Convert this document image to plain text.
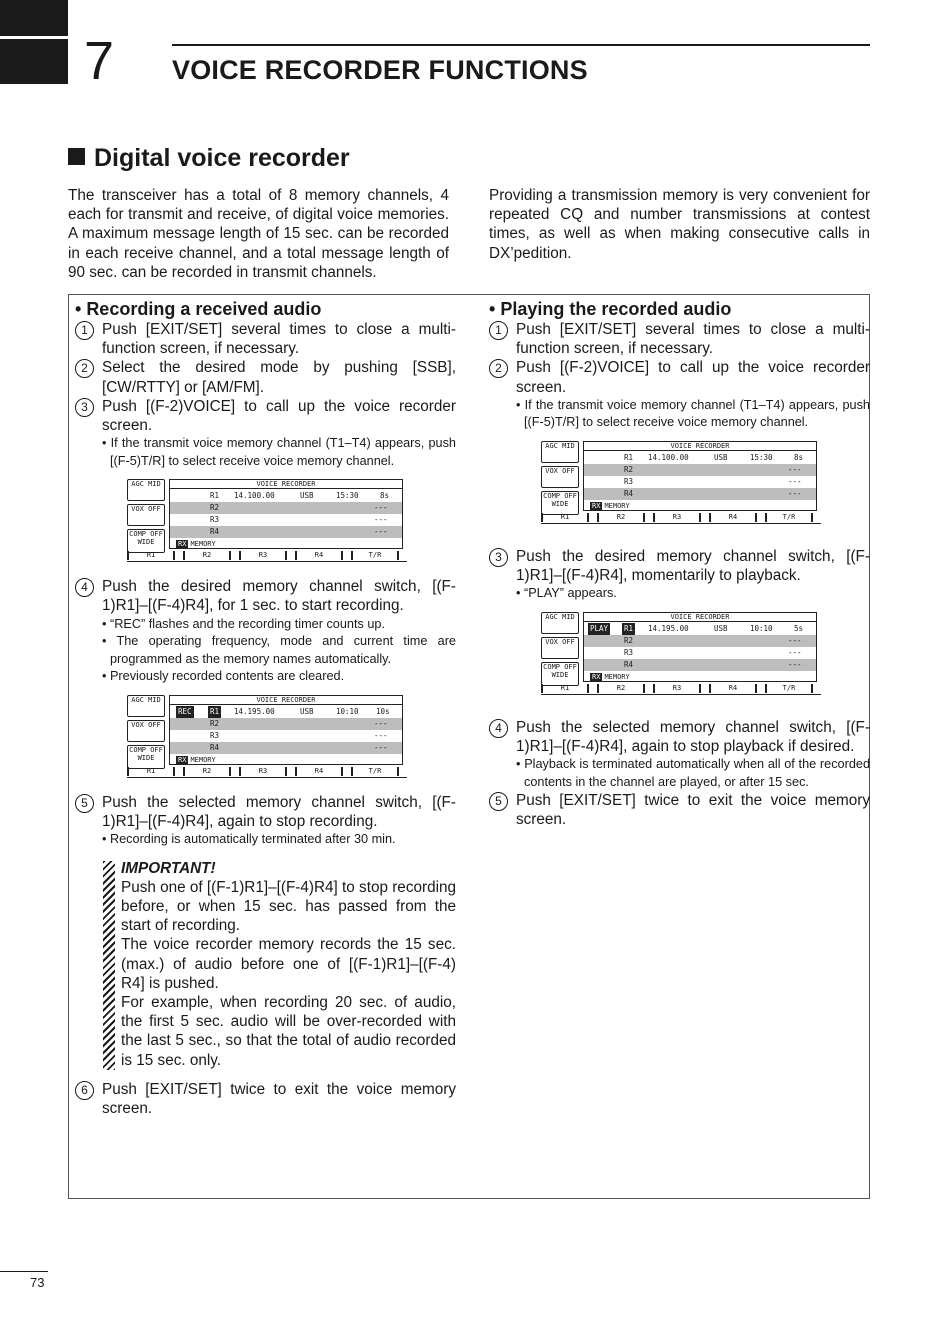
7 VOICE RECORDER FUNCTIONS
Digital voice recorder
The transceiver has a total of 8 memory channels, 4 each for transmit and receive, of digital voice memories. A maximum message length of 15 sec. can be recorded in each receive channel, and a total message length of 90 sec. can be recorded in transmit channels.
Providing a transmission memory is very convenient for repeated CQ and number transmissions at contest times, as well as when making consecutive calls in DX’pedition.
• Recording a received audio
1 Push [EXIT/SET] several times to close a multi-function screen, if necessary.
2 Select the desired mode by pushing [SSB], [CW/RTTY] or [AM/FM].
3 Push [(F-2)VOICE] to call up the voice recorder screen.
• If the transmit voice memory channel (T1–T4) appears, push [(F-5)T/R] to select receive voice memory channel.
AGC MID
VOX OFF
COMP OFF WIDE
VOICE RECORDER
R1 14.100.00	USB	15:30	8s
R2	---
R3	---
R4	---
RX MEMORY
R1	R2	R3	R4	T/R
4 Push the desired memory channel switch, [(F-1)R1]–[(F-4)R4], for 1 sec. to start recording.
• “REC” flashes and the recording timer counts up.
• The operating frequency, mode and current time are programmed as the memory names automatically.
• Previously recorded contents are cleared.
AGC MID
VOX OFF
COMP OFF WIDE
VOICE RECORDER
REC R1 14.195.00	USB	10:10 10s
R2	---
R3	---
R4	---
RX MEMORY
R1	R2	R3	R4	T/R
5 Push the selected memory channel switch, [(F-1)R1]–[(F-4)R4], again to stop recording.
• Recording is automatically terminated after 30 min.
IMPORTANT!
Push one of [(F-1)R1]–[(F-4)R4] to stop recording before, or when 15 sec. has passed from the start of recording.
The voice recorder memory records the 15 sec. (max.) of audio before one of [(F-1)R1]–[(F-4) R4] is pushed.
For example, when recording 20 sec. of audio, the first 5 sec. audio will be over-recorded with the last 5 sec., so that the total of audio recorded is 15 sec. only.
6 Push [EXIT/SET] twice to exit the voice memory screen.
• Playing the recorded audio
1 Push [EXIT/SET] several times to close a multi-function screen, if necessary.
2 Push [(F-2)VOICE] to call up the voice recorder screen.
• If the transmit voice memory channel (T1–T4) appears, push [(F-5)T/R] to select receive voice memory channel.
AGC MID
VOX OFF
COMP OFF WIDE
VOICE RECORDER
R1 14.100.00	USB	15:30	8s
R2	---
R3	---
R4	---
RX MEMORY
R1	R2	R3	R4	T/R
3 Push the desired memory channel switch, [(F-1)R1]–[(F-4)R4], momentarily to playback.
• “PLAY” appears.
AGC MID
VOX OFF
COMP OFF WIDE
VOICE RECORDER
PLAY R1 14.195.00	USB	10:10	5s
R2	---
R3	---
R4	---
RX MEMORY
R1	R2	R3	R4	T/R
4 Push the selected memory channel switch, [(F-1)R1]–[(F-4)R4], again to stop playback if desired.
• Playback is terminated automatically when all of the recorded contents in the channel are played, or after 15 sec.
5 Push [EXIT/SET] twice to exit the voice memory screen.
73
